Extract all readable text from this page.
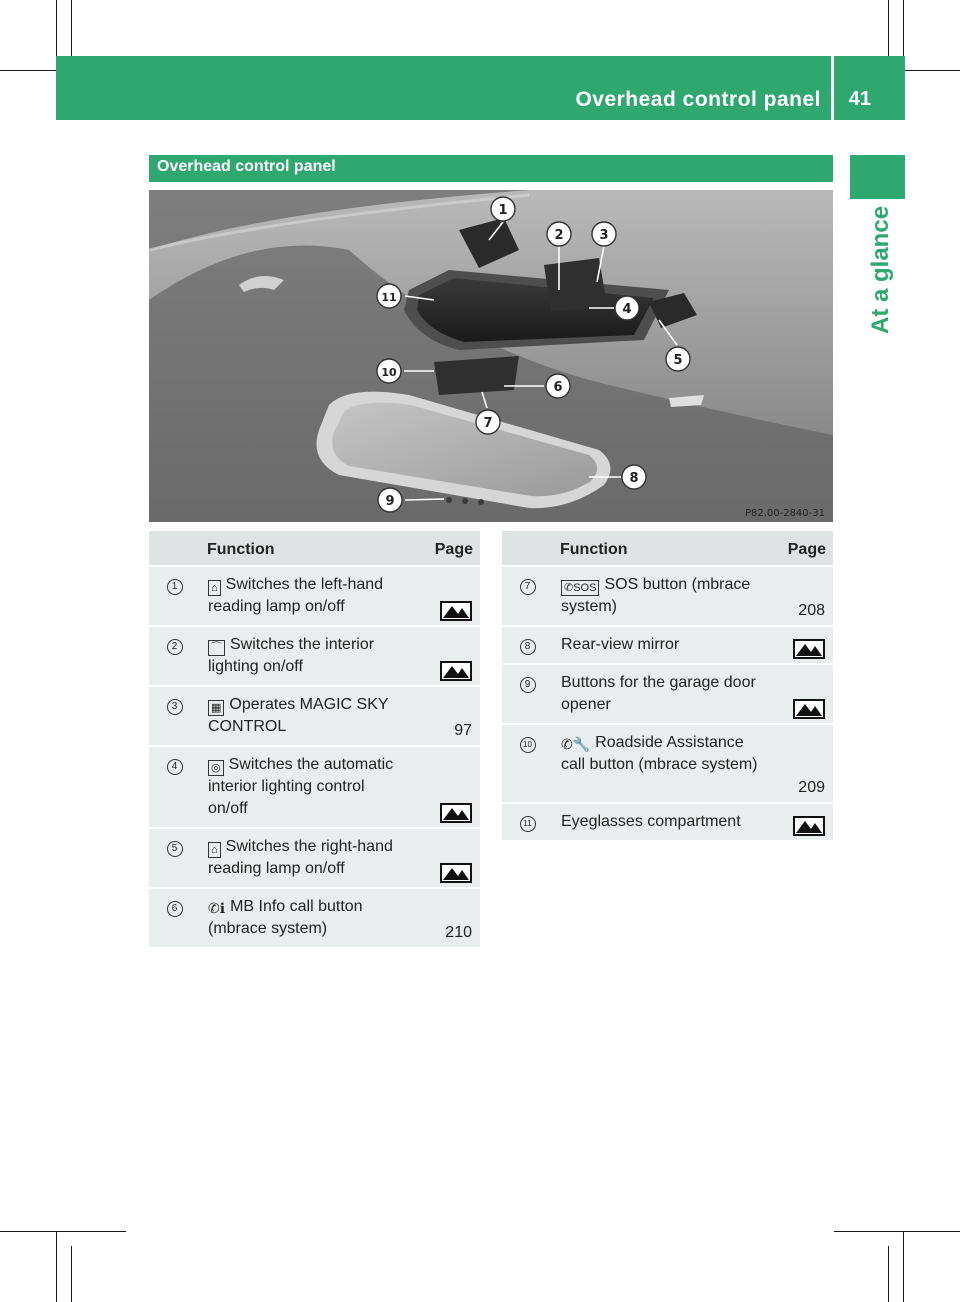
Overhead control panel 41
At a glance
Overhead control panel
1
2	3
4
5
6
7
8
9
10
11
P82.00-2840-31
	Function	Page
1	⌂ Switches the left-hand reading lamp on/off	
2	⌒ Switches the interior lighting on/off	
3	▦ Operates MAGIC SKY CONTROL	97
4	◎ Switches the automatic interior lighting control on/off	
5	⌂ Switches the right-hand reading lamp on/off	
6	✆ℹ MB Info call button (mbrace system)	210
	Function	Page
7	✆SOS SOS button (mbrace system)	208
8	Rear-view mirror	
9	Buttons for the garage door opener	
10	✆🔧 Roadside Assistance call button (mbrace system)	209
11	Eyeglasses compartment	
